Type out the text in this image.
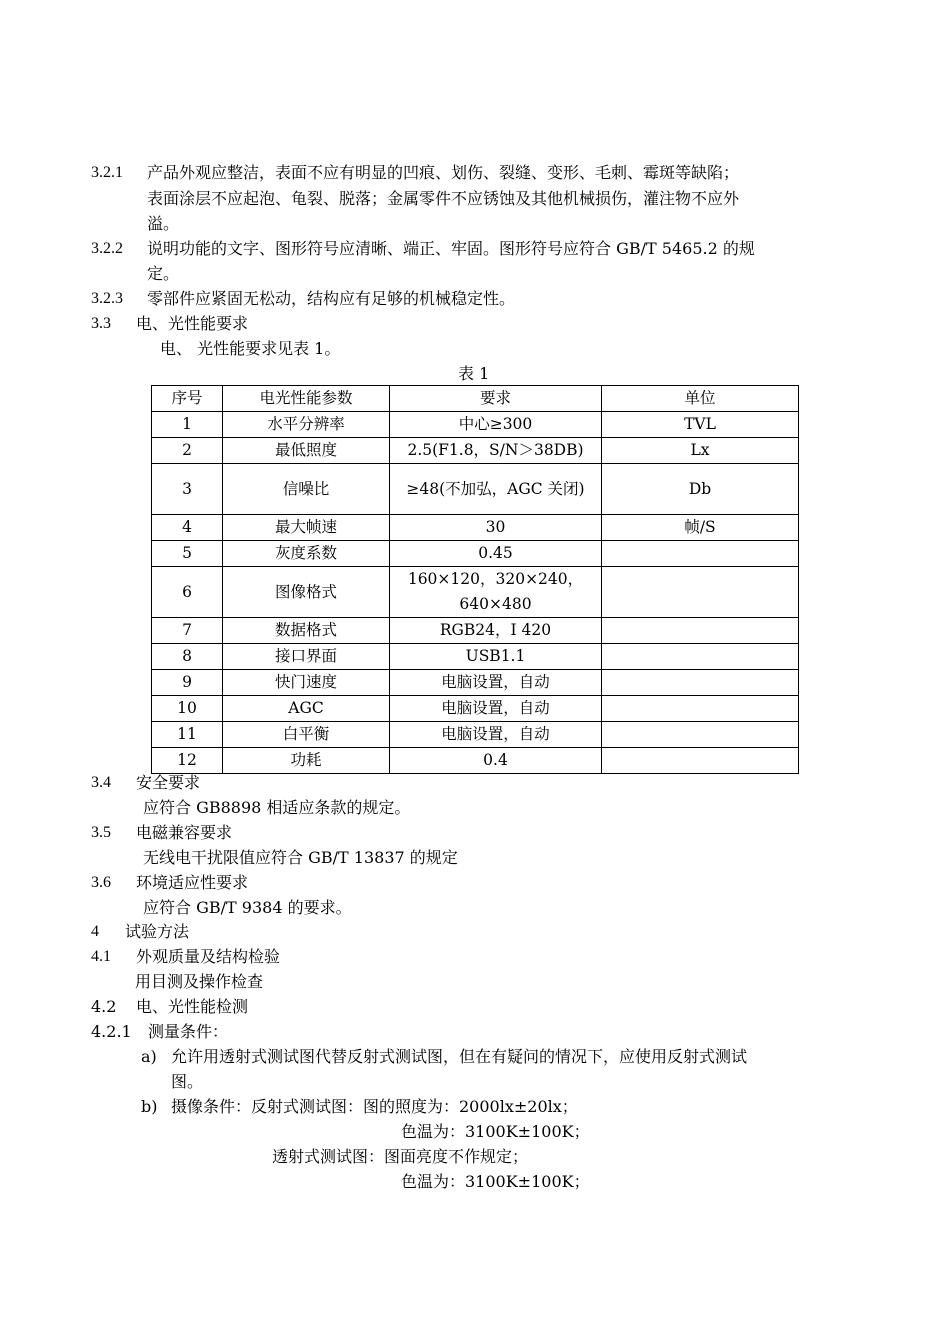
3.2.1 产品外观应整洁，表面不应有明显的凹痕、划伤、裂缝、变形、毛刺、霉斑等缺陷；
表面涂层不应起泡、龟裂、脱落；金属零件不应锈蚀及其他机械损伤，灌注物不应外
溢。
3.2.2 说明功能的文字、图形符号应清晰、端正、牢固。图形符号应符合 GB/T 5465.2 的规
定。
3.2.3 零部件应紧固无松动，结构应有足够的机械稳定性。
3.3 电、光性能要求
电、 光性能要求见表 1。
表 1
序号	电光性能参数	要求	单位
1	水平分辨率	中心≥300	TVL
2	最低照度	2.5(F1.8，S/N＞38DB)	Lx
3	信噪比	≥48(不加弘，AGC 关闭)	Db
4	最大帧速	30	帧/S
5	灰度系数	0.45	
6	图像格式	160×120，320×240，640×480	
7	数据格式	RGB24，I 420	
8	接口界面	USB1.1	
9	快门速度	电脑设置，自动	
10	AGC	电脑设置，自动	
11	白平衡	电脑设置，自动	
12	功耗	0.4	
3.4 安全要求
应符合 GB8898 相适应条款的规定。
3.5 电磁兼容要求
无线电干扰限值应符合 GB/T 13837 的规定
3.6 环境适应性要求
应符合 GB/T 9384 的要求。
4 试验方法
4.1 外观质量及结构检验
用目测及操作检查
4.2 电、光性能检测
4.2.1 测量条件：
a) 允许用透射式测试图代替反射式测试图，但在有疑问的情况下，应使用反射式测试
图。
b) 摄像条件：反射式测试图：图的照度为：2000lx±20lx；
色温为：3100K±100K；
透射式测试图：图面亮度不作规定；
色温为：3100K±100K；
